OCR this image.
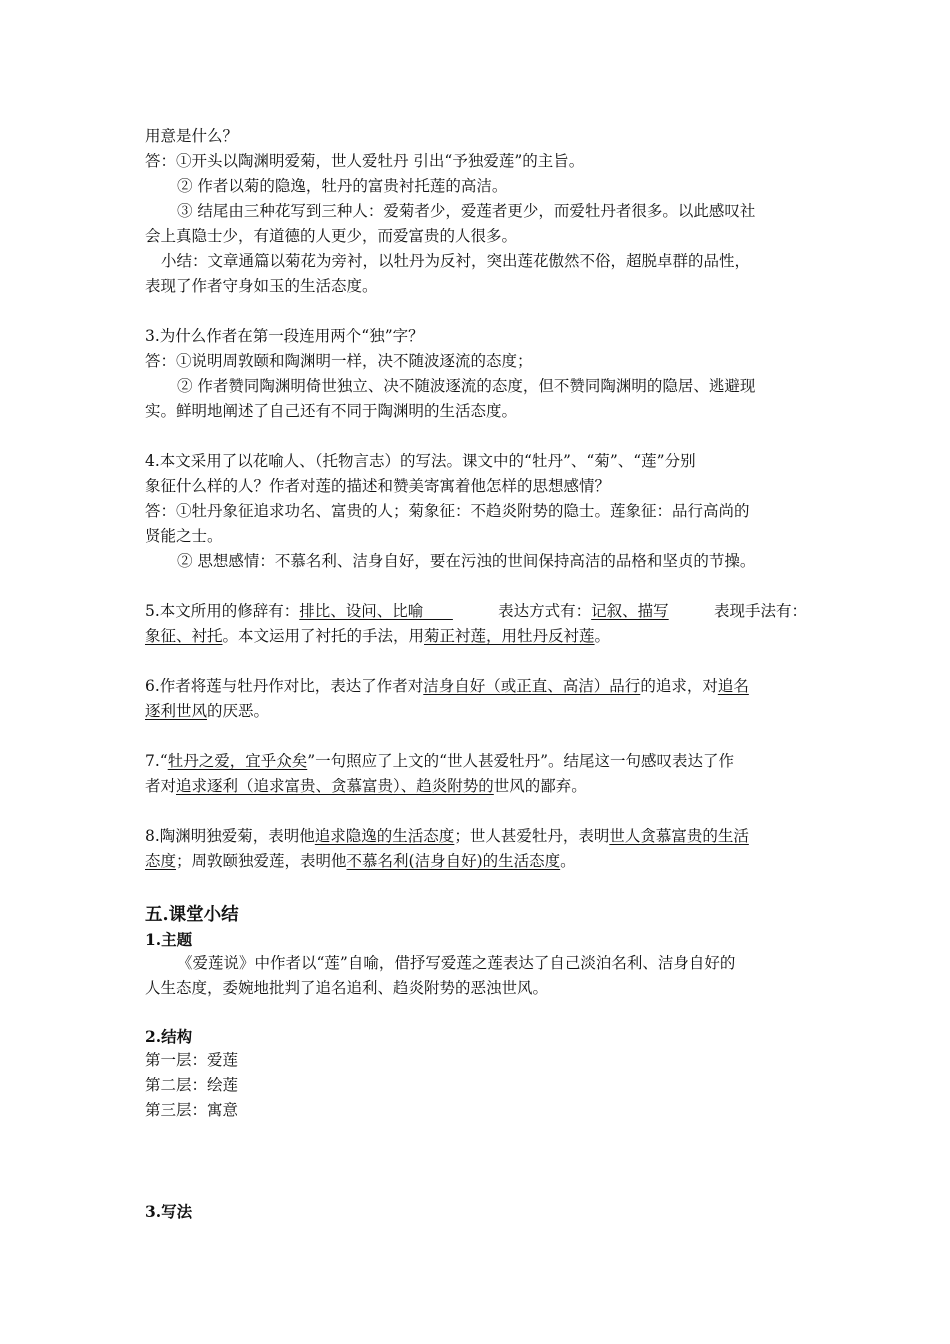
用意是什么？
答：①开头以陶渊明爱菊，世人爱牡丹 引出“予独爱莲”的主旨。
② 作者以菊的隐逸，牡丹的富贵衬托莲的高洁。
③ 结尾由三种花写到三种人：爱菊者少，爱莲者更少，而爱牡丹者很多。以此感叹社
会上真隐士少，有道德的人更少，而爱富贵的人很多。
小结：文章通篇以菊花为旁衬，以牡丹为反衬，突出莲花傲然不俗，超脱卓群的品性，
表现了作者守身如玉的生活态度。
3.为什么作者在第一段连用两个“独”字？
答：①说明周敦颐和陶渊明一样，决不随波逐流的态度；
② 作者赞同陶渊明倚世独立、决不随波逐流的态度，但不赞同陶渊明的隐居、逃避现
实。鲜明地阐述了自己还有不同于陶渊明的生活态度。
4.本文采用了以花喻人、（托物言志）的写法。课文中的“牡丹”、“菊”、“莲”分别
象征什么样的人？作者对莲的描述和赞美寄寓着他怎样的思想感情？
答：①牡丹象征追求功名、富贵的人；菊象征：不趋炎附势的隐士。莲象征：品行高尚的
贤能之士。
② 思想感情：不慕名利、洁身自好，要在污浊的世间保持高洁的品格和坚贞的节操。
5.本文所用的修辞有：排比、设问、比喻	表达方式有：记叙、描写	表现手法有：
象征、衬托。本文运用了衬托的手法，用菊正衬莲，用牡丹反衬莲。
6.作者将莲与牡丹作对比，表达了作者对洁身自好（或正直、高洁）品行的追求，对追名
逐利世风的厌恶。
7.“牡丹之爱，宜乎众矣”一句照应了上文的“世人甚爱牡丹”。结尾这一句感叹表达了作
者对追求逐利（追求富贵、贪慕富贵）、趋炎附势的世风的鄙弃。
8.陶渊明独爱菊，表明他追求隐逸的生活态度；世人甚爱牡丹，表明世人贪慕富贵的生活
态度；周敦颐独爱莲，表明他不慕名利(洁身自好)的生活态度。
五.课堂小结
1.主题
《爱莲说》中作者以“莲”自喻，借抒写爱莲之莲表达了自己淡泊名利、洁身自好的
人生态度，委婉地批判了追名追利、趋炎附势的恶浊世风。
2.结构
第一层：爱莲
第二层：绘莲
第三层：寓意
3.写法
